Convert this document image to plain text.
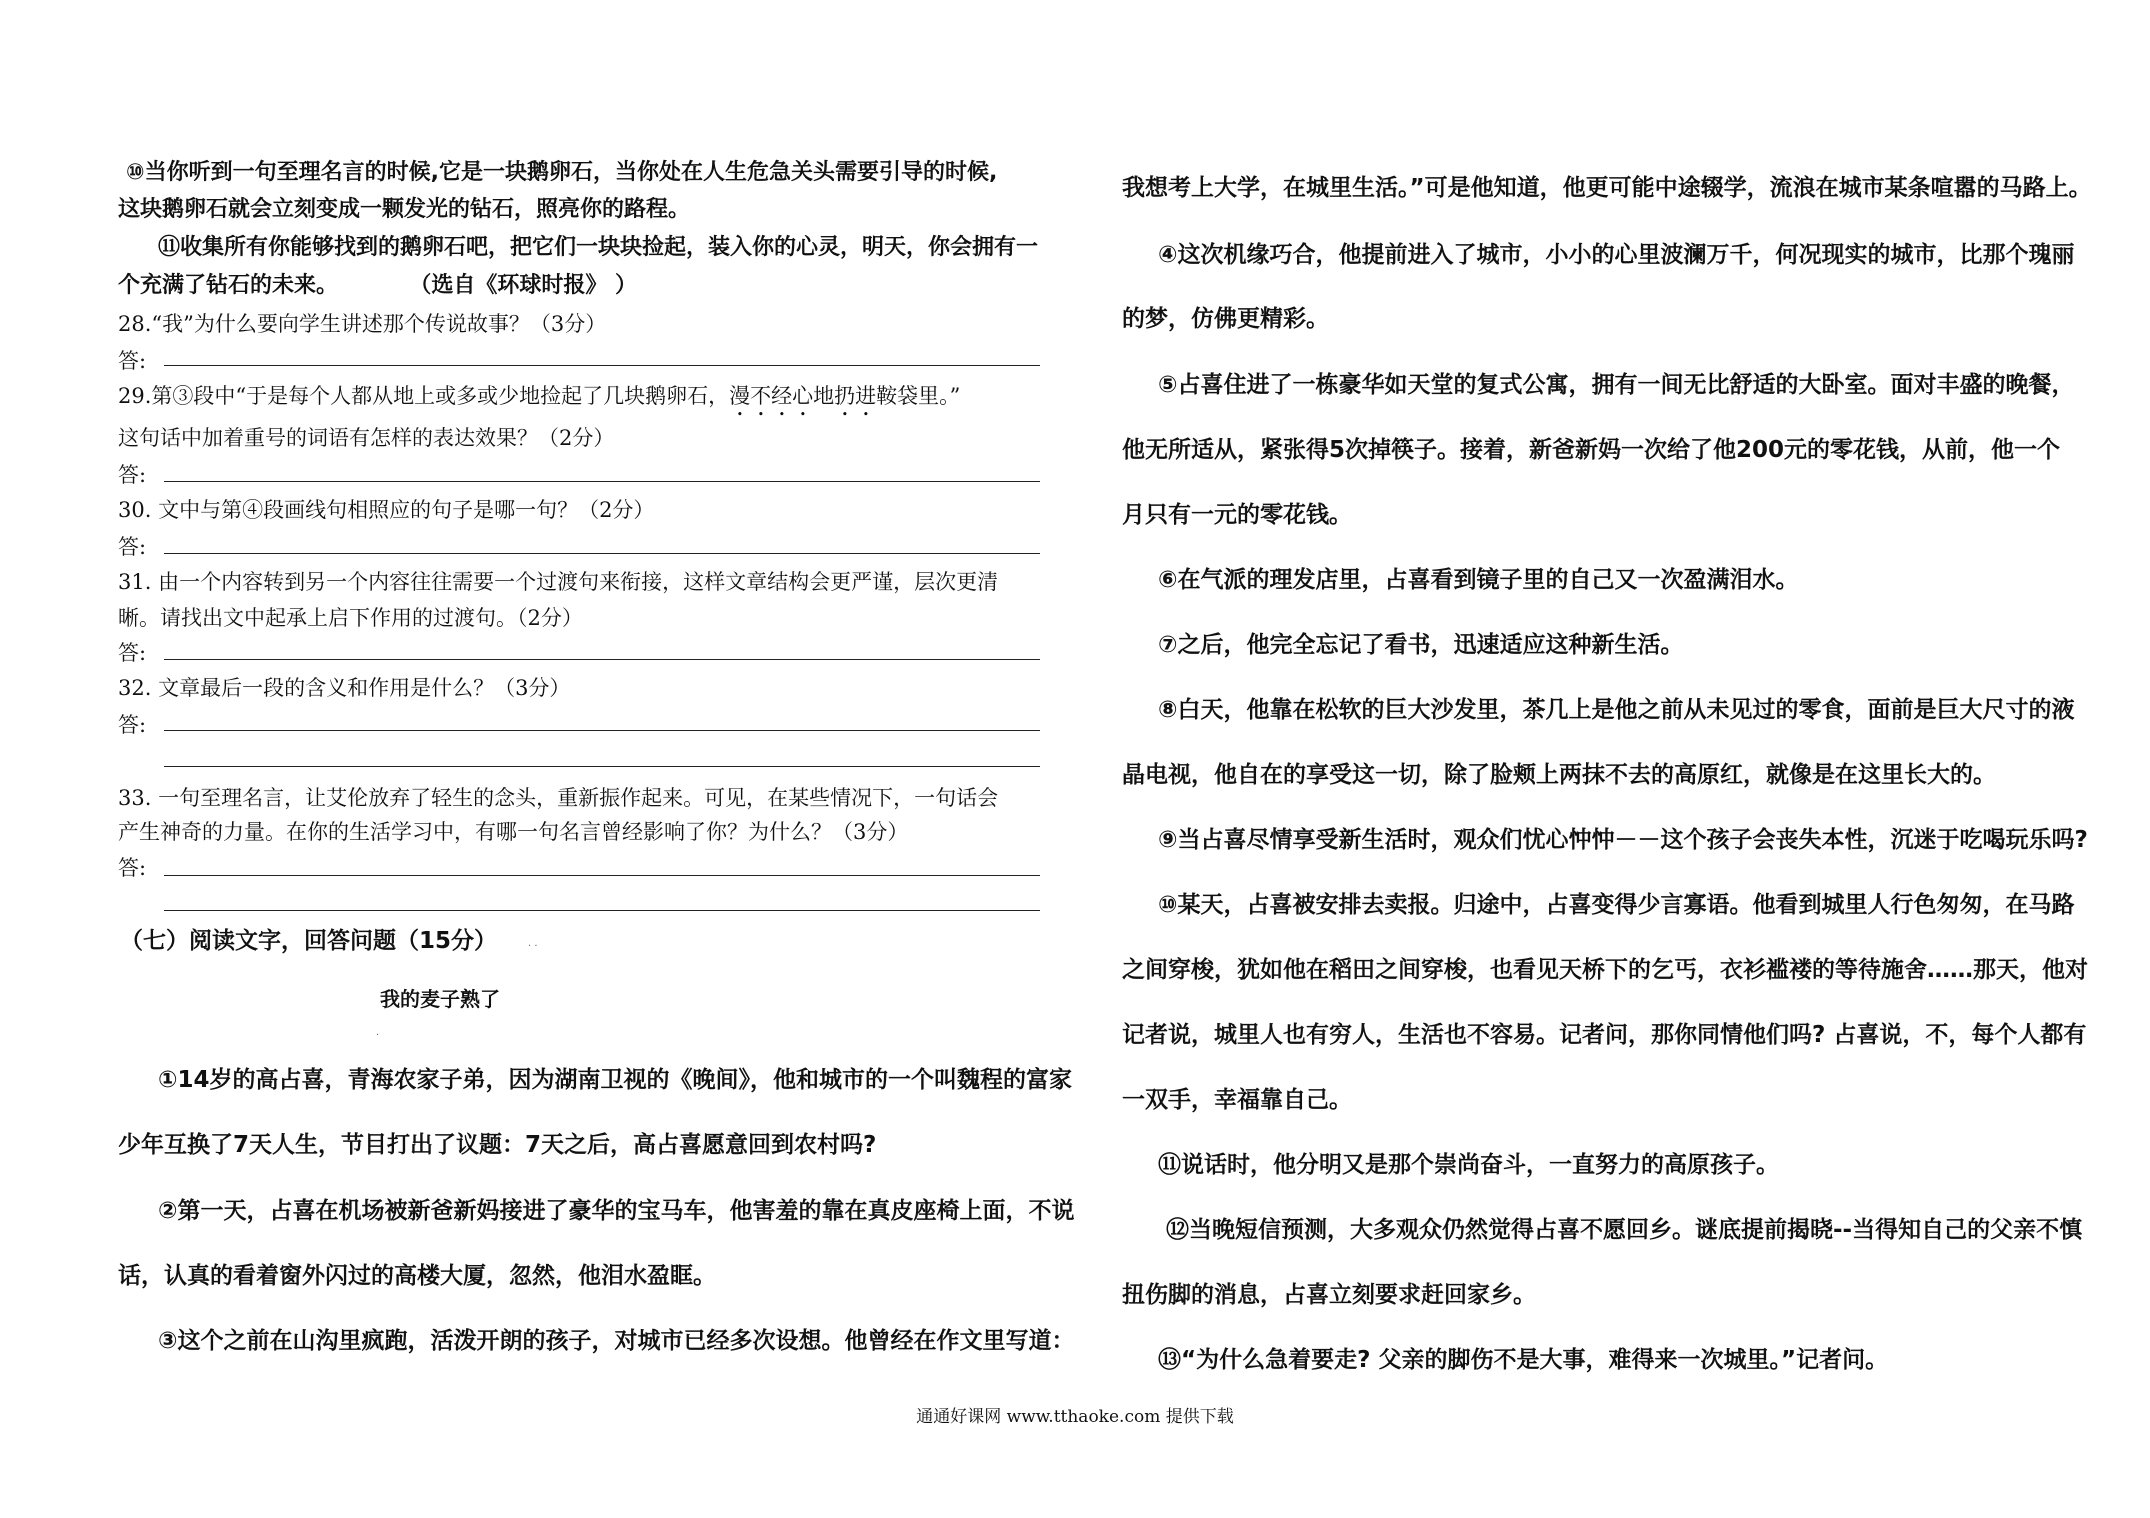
⑩当你听到一句至理名言的时候,它是一块鹅卵石，当你处在人生危急关头需要引导的时候,
这块鹅卵石就会立刻变成一颗发光的钻石，照亮你的路程。
⑪收集所有你能够找到的鹅卵石吧，把它们一块块捡起，装入你的心灵，明天，你会拥有一
个充满了钻石的未来。	（选自《环球时报》 ）
28.“我”为什么要向学生讲述那个传说故事？（3分）
答:
29.第③段中“于是每个人都从地上或多或少地捡起了几块鹅卵石，漫不经心地扔进鞍袋里。”
这句话中加着重号的词语有怎样的表达效果？（2分）
答:
30. 文中与第④段画线句相照应的句子是哪一句？（2分）
答:
31. 由一个内容转到另一个内容往往需要一个过渡句来衔接，这样文章结构会更严谨，层次更清
晰。请找出文中起承上启下作用的过渡句。（2分）
答:
32. 文章最后一段的含义和作用是什么？（3分）
答:
33. 一句至理名言，让艾伦放弃了轻生的念头，重新振作起来。可见，在某些情况下，一句话会
产生神奇的力量。在你的生活学习中，有哪一句名言曾经影响了你？为什么？（3分）
答:
（七）阅读文字，回答问题（15分）	. .
我的麦子熟了
·
①14岁的高占喜，青海农家子弟，因为湖南卫视的《晚间》，他和城市的一个叫魏程的富家
少年互换了7天人生，节目打出了议题：7天之后，高占喜愿意回到农村吗?
②第一天，占喜在机场被新爸新妈接进了豪华的宝马车，他害羞的靠在真皮座椅上面，不说
话，认真的看着窗外闪过的高楼大厦，忽然，他泪水盈眶。
③这个之前在山沟里疯跑，活泼开朗的孩子，对城市已经多次设想。他曾经在作文里写道：
我想考上大学，在城里生活。”可是他知道，他更可能中途辍学，流浪在城市某条喧嚣的马路上。
④这次机缘巧合，他提前进入了城市，小小的心里波澜万千，何况现实的城市，比那个瑰丽
的梦，仿佛更精彩。
⑤占喜住进了一栋豪华如天堂的复式公寓，拥有一间无比舒适的大卧室。面对丰盛的晚餐，
他无所适从，紧张得5次掉筷子。接着，新爸新妈一次给了他200元的零花钱，从前，他一个
月只有一元的零花钱。
⑥在气派的理发店里，占喜看到镜子里的自己又一次盈满泪水。
⑦之后，他完全忘记了看书，迅速适应这种新生活。
⑧白天，他靠在松软的巨大沙发里，茶几上是他之前从未见过的零食，面前是巨大尺寸的液
晶电视，他自在的享受这一切，除了脸颊上两抹不去的高原红，就像是在这里长大的。
⑨当占喜尽情享受新生活时，观众们忧心忡忡－－这个孩子会丧失本性，沉迷于吃喝玩乐吗?
⑩某天，占喜被安排去卖报。归途中，占喜变得少言寡语。他看到城里人行色匆匆，在马路
之间穿梭，犹如他在稻田之间穿梭，也看见天桥下的乞丐，衣衫褴褛的等待施舍……那天，他对
记者说，城里人也有穷人，生活也不容易。记者问，那你同情他们吗? 占喜说，不，每个人都有
一双手，幸福靠自己。
⑪说话时，他分明又是那个崇尚奋斗，一直努力的高原孩子。
⑫当晚短信预测，大多观众仍然觉得占喜不愿回乡。谜底提前揭晓--当得知自己的父亲不慎
扭伤脚的消息，占喜立刻要求赶回家乡。
⑬“为什么急着要走? 父亲的脚伤不是大事，难得来一次城里。”记者问。
通通好课网 www.tthaoke.com 提供下载
